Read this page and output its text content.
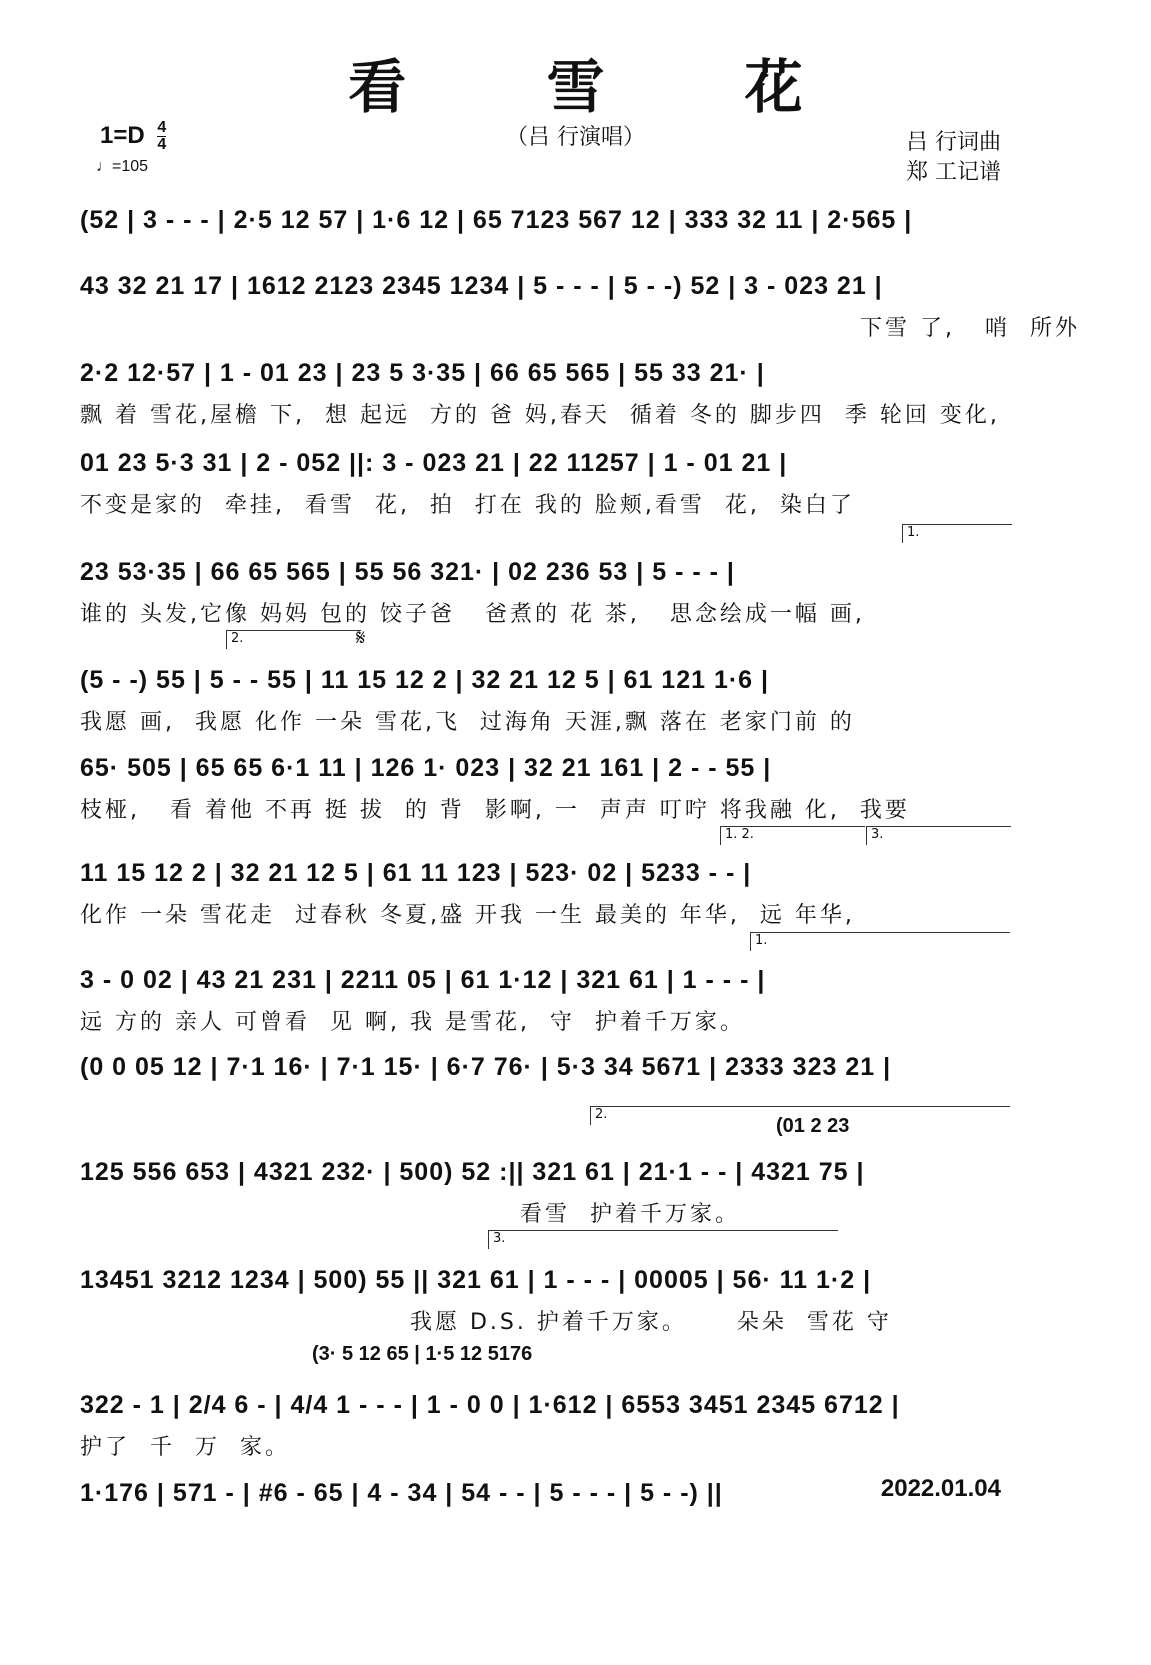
看 雪 花
$1=D \frac{4}{4}$
♩=105
（吕 行演唱）	吕 行词曲
郑 工记谱
1.
2.	𝄋
1. 2.	3.
1.
2.
3.
(01 2 23
(3· 5 12 65 | 1·5 12 5176
(52 | 3 - - - | 2·5 12 57 | 1·6 12 | 65 7123 567 12 | 333 32 11 | 2·565 |
43 32 21 17 | 1612 2123 2345 1234 | 5 - - - | 5 - -) 52 | 3 - 023 21 |
下雪 了,   哨  所外
2·2 12·57 | 1 - 01 23 | 23 5 3·35 | 66 65 565 | 55 33 21· |
飘 着 雪花,屋檐 下,  想 起远  方的 爸 妈,春天  循着 冬的 脚步四  季 轮回 变化,
01 23 5·3 31 | 2 - 052 ||: 3 - 023 21 | 22 11257 | 1 - 01 21 |
不变是家的  牵挂,  看雪  花,  拍  打在 我的 脸颊,看雪  花,  染白了
23 53·35 | 66 65 565 | 55 56 321· | 02 236 53 | 5 - - - |
谁的 头发,它像 妈妈 包的 饺子爸   爸煮的 花 茶,   思念绘成一幅 画,
(5 - -) 55 | 5 - - 55 | 11 15 12 2 | 32 21 12 5 | 61 121 1·6 |
我愿 画,  我愿 化作 一朵 雪花,飞  过海角 天涯,飘 落在 老家门前 的
65· 505 | 65 65 6·1 11 | 126 1· 023 | 32 21 161 | 2 - - 55 |
枝桠,   看 着他 不再 挺 拔  的 背  影啊, 一  声声 叮咛 将我融 化,  我要
11 15 12 2 | 32 21 12 5 | 61 11 123 | 523· 02 | 5233 - - |
化作 一朵 雪花走  过春秋 冬夏,盛 开我 一生 最美的 年华,  远 年华,
3 - 0 02 | 43 21 231 | 2211 05 | 61 1·12 | 321 61 | 1 - - - |
远 方的 亲人 可曾看  见 啊, 我 是雪花,  守  护着千万家。
(0 0 05 12 | 7·1 16· | 7·1 15· | 6·7 76· | 5·3 34 5671 | 2333 323 21 |
125 556 653 | 4321 232· | 500) 52 :|| 321 61 | 21·1 - - | 4321 75 |
看雪  护着千万家。
13451 3212 1234 | 500) 55 || 321 61 | 1 - - - | 00005 | 56· 11 1·2 |
我愿 D.S. 护着千万家。     朵朵  雪花 守
322 - 1 | 2/4 6 - | 4/4 1 - - - | 1 - 0 0 | 1·612 | 6553 3451 2345 6712 |
护了  千  万  家。
1·176 | 571 - | #6 - 65 | 4 - 34 | 54 - - | 5 - - - | 5 - -) ||	2022.01.04
